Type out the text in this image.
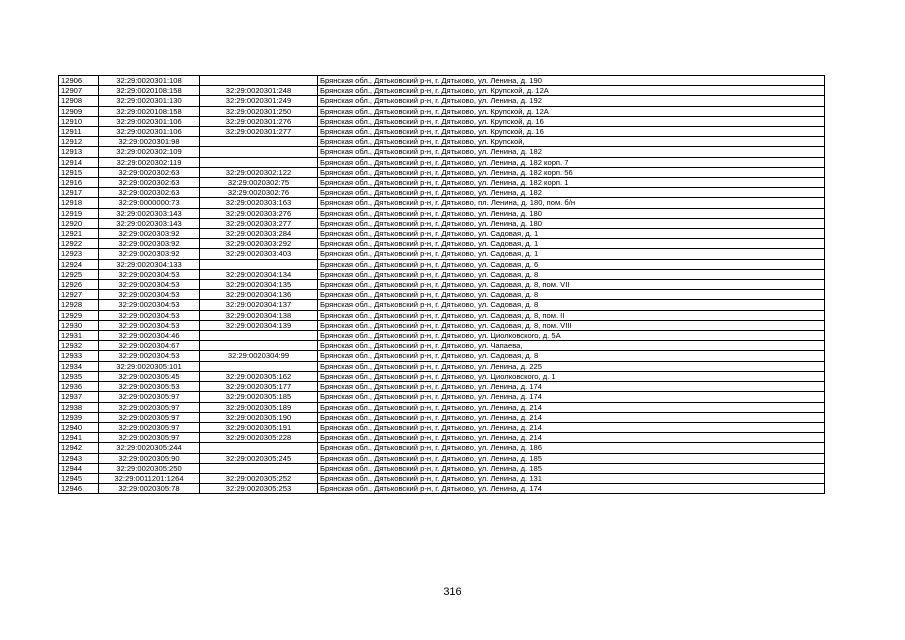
12906	32:29:0020301:108		Брянская обл., Дятьковский р-н, г. Дятьково, ул. Ленина, д. 190
12907	32:29:0020108:158	32:29:0020301:248	Брянская обл., Дятьковский р-н, г. Дятьково, ул. Крупской, д. 12А
12908	32:29:0020301:130	32:29:0020301:249	Брянская обл., Дятьковский р-н, г. Дятьково, ул. Ленина, д. 192
12909	32:29:0020108:158	32:29:0020301:250	Брянская обл., Дятьковский р-н, г. Дятьково, ул. Крупской, д. 12А
12910	32:29:0020301:106	32:29:0020301:276	Брянская обл., Дятьковский р-н, г. Дятьково, ул. Крупской, д. 16
12911	32:29:0020301:106	32:29:0020301:277	Брянская обл., Дятьковский р-н, г. Дятьково, ул. Крупской, д. 16
12912	32:29:0020301:98		Брянская обл., Дятьковский р-н, г. Дятьково, ул. Крупской,
12913	32:29:0020302:109		Брянская обл., Дятьковский р-н, г. Дятьково, ул. Ленина, д. 182
12914	32:29:0020302:119		Брянская обл., Дятьковский р-н, г. Дятьково, ул. Ленина, д. 182 корп. 7
12915	32:29:0020302:63	32:29:0020302:122	Брянская обл., Дятьковский р-н, г. Дятьково, ул. Ленина, д. 182 корп. 56
12916	32:29:0020302:63	32:29:0020302:75	Брянская обл., Дятьковский р-н, г. Дятьково, ул. Ленина, д. 182 корп. 1
12917	32:29:0020302:63	32:29:0020302:76	Брянская обл., Дятьковский р-н, г. Дятьково, ул. Ленина, д. 182
12918	32:29:0000000:73	32:29:0020303:163	Брянская обл., Дятьковский р-н, г. Дятьково, пл. Ленина, д. 180, пом. б/н
12919	32:29:0020303:143	32:29:0020303:276	Брянская обл., Дятьковский р-н, г. Дятьково, ул. Ленина, д. 180
12920	32:29:0020303:143	32:29:0020303:277	Брянская обл., Дятьковский р-н, г. Дятьково, ул. Ленина, д. 180
12921	32:29:0020303:92	32:29:0020303:284	Брянская обл., Дятьковский р-н, г. Дятьково, ул. Садовая, д. 1
12922	32:29:0020303:92	32:29:0020303:292	Брянская обл., Дятьковский р-н, г. Дятьково, ул. Садовая, д. 1
12923	32:29:0020303:92	32:29:0020303:403	Брянская обл., Дятьковский р-н, г. Дятьково, ул. Садовая, д. 1
12924	32:29:0020304:133		Брянская обл., Дятьковский р-н, г. Дятьково, ул. Садовая, д. 6
12925	32:29:0020304:53	32:29:0020304:134	Брянская обл., Дятьковский р-н, г. Дятьково, ул. Садовая, д. 8
12926	32:29:0020304:53	32:29:0020304:135	Брянская обл., Дятьковский р-н, г. Дятьково, ул. Садовая, д. 8, пом. VII
12927	32:29:0020304:53	32:29:0020304:136	Брянская обл., Дятьковский р-н, г. Дятьково, ул. Садовая, д. 8
12928	32:29:0020304:53	32:29:0020304:137	Брянская обл., Дятьковский р-н, г. Дятьково, ул. Садовая, д. 8
12929	32:29:0020304:53	32:29:0020304:138	Брянская обл., Дятьковский р-н, г. Дятьково, ул. Садовая, д. 8, пом. II
12930	32:29:0020304:53	32:29:0020304:139	Брянская обл., Дятьковский р-н, г. Дятьково, ул. Садовая, д. 8, пом. VIII
12931	32:29:0020304:46		Брянская обл., Дятьковский р-н, г. Дятьково, ул. Циолковского, д. 5А
12932	32:29:0020304:67		Брянская обл., Дятьковский р-н, г. Дятьково, ул. Чапаева,
12933	32:29:0020304:53	32:29:0020304:99	Брянская обл., Дятьковский р-н, г. Дятьково, ул. Садовая, д. 8
12934	32:29:0020305:101		Брянская обл., Дятьковский р-н, г. Дятьково, ул. Ленина, д. 225
12935	32:29:0020305:45	32:29:0020305:162	Брянская обл., Дятьковский р-н, г. Дятьково, ул. Циолковского, д. 1
12936	32:29:0020305:53	32:29:0020305:177	Брянская обл., Дятьковский р-н, г. Дятьково, ул. Ленина, д. 174
12937	32:29:0020305:97	32:29:0020305:185	Брянская обл., Дятьковский р-н, г. Дятьково, ул. Ленина, д. 174
12938	32:29:0020305:97	32:29:0020305:189	Брянская обл., Дятьковский р-н, г. Дятьково, ул. Ленина, д. 214
12939	32:29:0020305:97	32:29:0020305:190	Брянская обл., Дятьковский р-н, г. Дятьково, ул. Ленина, д. 214
12940	32:29:0020305:97	32:29:0020305:191	Брянская обл., Дятьковский р-н, г. Дятьково, ул. Ленина, д. 214
12941	32:29:0020305:97	32:29:0020305:228	Брянская обл., Дятьковский р-н, г. Дятьково, ул. Ленина, д. 214
12942	32:29:0020305:244		Брянская обл., Дятьковский р-н, г. Дятьково, ул. Ленина, д. 186
12943	32:29:0020305:90	32:29:0020305:245	Брянская обл., Дятьковский р-н, г. Дятьково, ул. Ленина, д. 185
12944	32:29:0020305:250		Брянская обл., Дятьковский р-н, г. Дятьково, ул. Ленина, д. 185
12945	32:29:0011201:1264	32:29:0020305:252	Брянская обл., Дятьковский р-н, г. Дятьково, ул. Ленина, д. 131
12946	32:29:0020305:78	32:29:0020305:253	Брянская обл., Дятьковский р-н, г. Дятьково, ул. Ленина, д. 174
316
